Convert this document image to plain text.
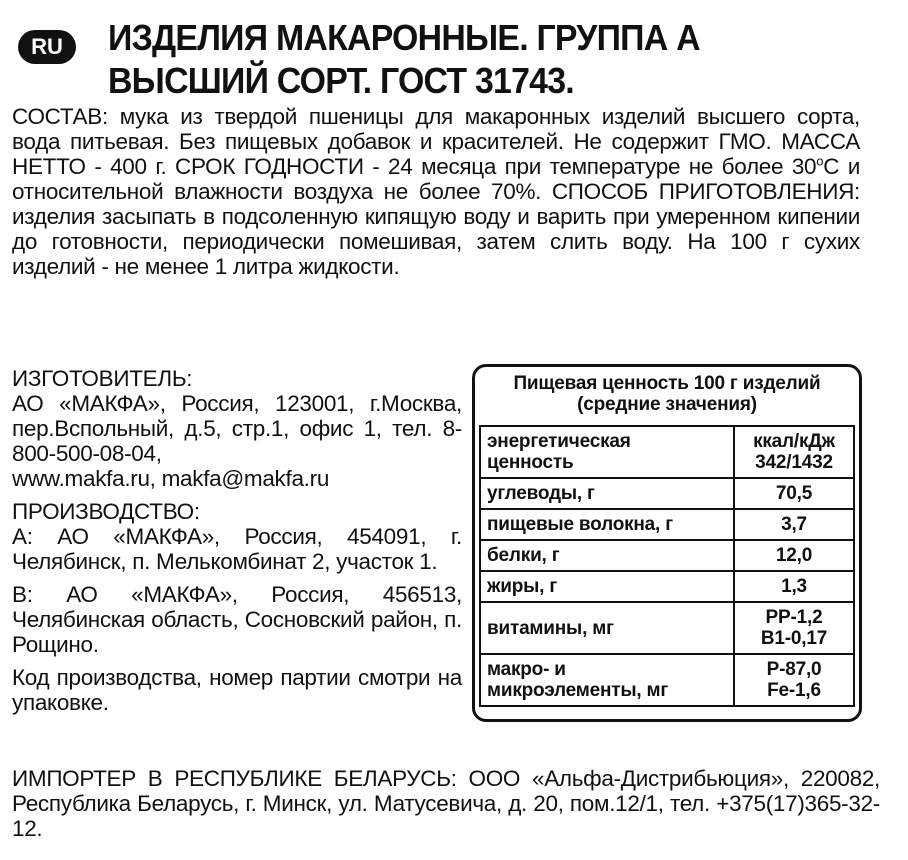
RU	ИЗДЕЛИЯ МАКАРОННЫЕ. ГРУППА А
ВЫСШИЙ СОРТ. ГОСТ 31743.
СОСТАВ: мука из твердой пшеницы для макаронных изделий высшего сорта, вода питьевая. Без пищевых добавок и красителей. Не содержит ГМО. МАССА НЕТТО - 400 г. СРОК ГОДНОСТИ - 24 месяца при температуре не более $30^оС$ и относительной влажности воздуха не более 70%. СПОСОБ ПРИГОТОВЛЕНИЯ: изделия засыпать в подсоленную кипящую воду и варить при умеренном кипении до готовности, периодически помешивая, затем слить воду. На 100 г сухих изделий - не менее 1 литра жидкости.

ИЗГОТОВИТЕЛЬ:

АО «МАКФА», Россия, 123001, г.Москва, пер.Вспольный, д.5, стр.1, офис 1, тел. 8-800-500-08-04,

www.makfa.ru, makfa@makfa.ru

ПРОИЗВОДСТВО:

А: АО «МАКФА», Россия, 454091, г. Челябинск, п. Мелькомбинат 2, участок 1.

В: АО «МАКФА», Россия, 456513, Челябинская область, Сосновский район, п. Рощино.

Код производства, номер партии смотри на упаковке.

Пищевая ценность 100 г изделий
(средние значения)
энергетическая
ценность	ккал/кДж
342/1432
углеводы, г	70,5
пищевые волокна, г	3,7
белки, г	12,0
жиры, г	1,3
витамины, мг	PP-1,2
B1-0,17
макро- и
микроэлементы, мг	P-87,0
Fe-1,6
ИМПОРТЕР В РЕСПУБЛИКЕ БЕЛАРУСЬ: ООО «Альфа-Дистрибьюция», 220082, Республика Беларусь, г. Минск, ул. Матусевича, д. 20, пом.12/1, тел. +375(17)365-32-12.
